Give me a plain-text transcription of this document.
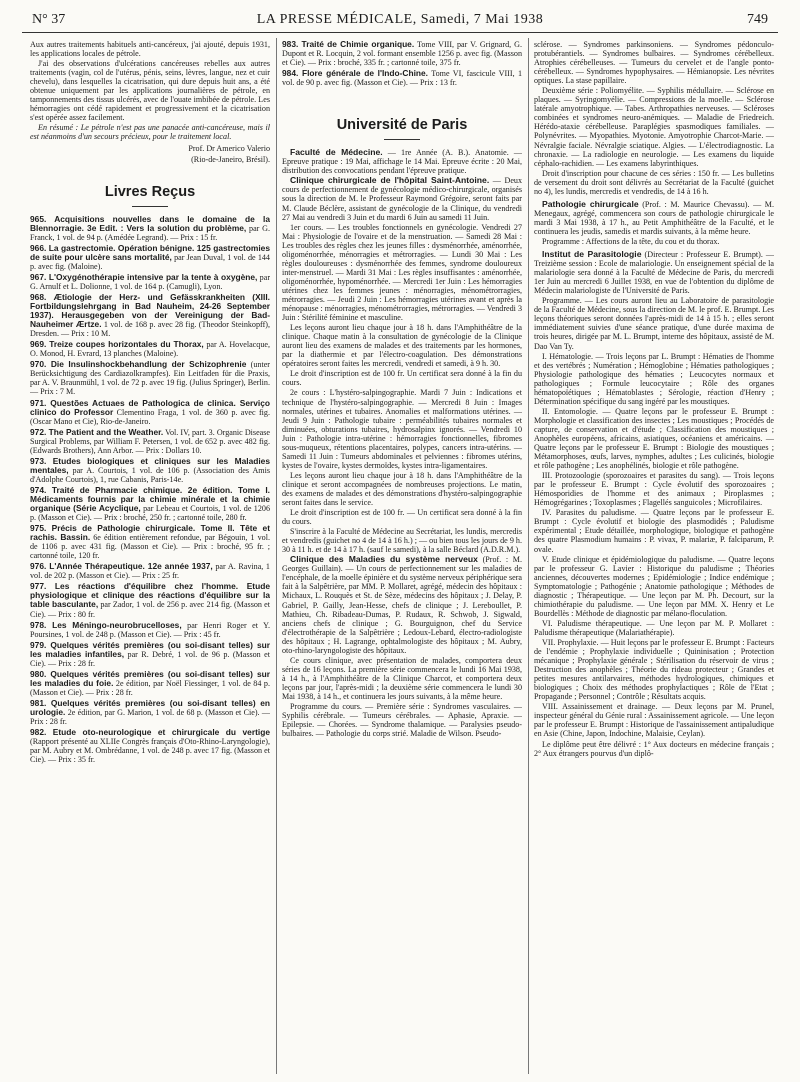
N° 37	LA PRESSE MÉDICALE, Samedi, 7 Mai 1938	749

Aux autres traitements habituels anti-cancéreux, j'ai ajouté, depuis 1931, les applications locales de pétrole.

J'ai des observations d'ulcérations cancéreuses rebelles aux autres traitements (vagin, col de l'utérus, pénis, seins, lèvres, langue, nez et cuir chevelu), dans lesquelles la cicatrisation, qui dure depuis huit ans, a été obtenue uniquement par les applications journalières de pétrole, en tamponnements des tissus ulcérés, avec de l'ouate imbibée de pétrole. Les hémorragies ont cédé rapidement et progressivement et la cicatrisation s'est opérée assez facilement.

En résumé : Le pétrole n'est pas une panacée anti-cancéreuse, mais il est néanmoins d'un secours précieux, pour le traitement local.

Prof. Dr Americo Valerio
(Rio-de-Janeiro, Brésil).
Livres Reçus

965. Acquisitions nouvelles dans le domaine de la Blennorragie. 3e Edit. : Vers la solution du problème, par G. Franck, 1 vol. de 94 p. (Amédée Legrand). — Prix : 15 fr.

966. La gastrectomie. Opération bénigne. 125 gastrectomies de suite pour ulcère sans mortalité, par Jean Duval, 1 vol. de 144 p. avec fig. (Maloine).

967. L'Oxygénothérapie intensive par la tente à oxygène, par G. Arnulf et L. Dolionne, 1 vol. de 164 p. (Camugli), Lyon.

968. Ætiologie der Herz- und Gefässkrankheiten (XIII. Fortbildungslehrgang in Bad Nauheim, 24-26 September 1937). Herausgegeben von der Vereinigung der Bad-Nauheimer Ærtze. 1 vol. de 168 p. avec 28 fig. (Theodor Steinkopff), Dresden. — Prix : 10 M.

969. Treize coupes horizontales du Thorax, par A. Hovelacque, O. Monod, H. Evrard, 13 planches (Maloine).

970. Die Insulinshockbehandlung der Schizophrenie (unter Berücksichtigung des Cardiazolkrampfes). Ein Leitfaden für die Praxis, par A. V. Braunmühl, 1 vol. de 72 p. avec 19 fig. (Julius Springer), Berlin. — Prix : 7 M.

971. Questões Actuaes de Pathologica de clinica. Serviço clinico do Professor Clementino Fraga, 1 vol. de 360 p. avec fig. (Oscar Mano et Cie), Rio-de-Janeiro.

972. The Patient and the Weather. Vol. IV, part. 3. Organic Disease Surgical Problems, par William F. Petersen, 1 vol. de 652 p. avec 482 fig. (Edwards Brothers), Ann Arbor. — Prix : Dollars 10.

973. Etudes biologiques et cliniques sur les Maladies mentales, par A. Courtois, 1 vol. de 106 p. (Association des Amis d'Adolphe Courtois), 1, rue Cabanis, Paris-14e.

974. Traité de Pharmacie chimique. 2e édition. Tome I. Médicaments fournis par la chimie minérale et la chimie organique (Série Acyclique, par Lebeau et Courtois, 1 vol. de 1206 p. (Masson et Cie). — Prix : broché, 250 fr. ; cartonné toile, 280 fr.

975. Précis de Pathologie chirurgicale. Tome II. Tête et rachis. Bassin. 6e édition entièrement refondue, par Bégouin, 1 vol. de 1106 p. avec 431 fig. (Masson et Cie). — Prix : broché, 95 fr. ; cartonné toile, 120 fr.

976. L'Année Thérapeutique. 12e année 1937, par A. Ravina, 1 vol. de 202 p. (Masson et Cie). — Prix : 25 fr.

977. Les réactions d'équilibre chez l'homme. Etude physiologique et clinique des réactions d'équilibre sur la table basculante, par Zador, 1 vol. de 256 p. avec 214 fig. (Masson et Cie). — Prix : 80 fr.

978. Les Méningo-neurobrucelloses, par Henri Roger et Y. Poursines, 1 vol. de 248 p. (Masson et Cie). — Prix : 45 fr.

979. Quelques vérités premières (ou soi-disant telles) sur les maladies infantiles, par R. Debré, 1 vol. de 96 p. (Masson et Cie). — Prix : 28 fr.

980. Quelques vérités premières (ou soi-disant telles) sur les maladies du foie. 2e édition, par Noël Fiessinger, 1 vol. de 84 p. (Masson et Cie). — Prix : 28 fr.

981. Quelques vérités premières (ou soi-disant telles) en urologie. 2e édition, par G. Marion, 1 vol. de 68 p. (Masson et Cie). — Prix : 28 fr.

982. Etude oto-neurologique et chirurgicale du vertige (Rapport présenté au XLIIe Congrès français d'Oto-Rhino-Laryngologie), par M. Aubry et M. Ombrédanne, 1 vol. de 248 p. avec 17 fig. (Masson et Cie). — Prix : 35 fr.

983. Traité de Chimie organique. Tome VIII, par V. Grignard, G. Dupont et R. Locquin, 2 vol. formant ensemble 1256 p. avec fig. (Masson et Cie). — Prix : broché, 335 fr. ; cartonné toile, 375 fr.

984. Flore générale de l'Indo-Chine. Tome VI, fascicule VIII, 1 vol. de 90 p. avec fig. (Masson et Cie). — Prix : 13 fr.

Université de Paris

Faculté de Médecine. — 1re Année (A. B.). Anatomie. — Epreuve pratique : 19 Mai, affichage le 14 Mai. Epreuve écrite : 20 Mai, distribution des convocations pendant l'épreuve pratique.

Clinique chirurgicale de l'hôpital Saint-Antoine. — Deux cours de perfectionnement de gynécologie médico-chirurgicale, organisés sous la direction de M. le Professeur Raymond Grégoire, seront faits par M. Claude Béclère, assistant de gynécologie de la Clinique, du vendredi 27 Mai au vendredi 3 Juin et du mardi 6 Juin au samedi 11 Juin.

1er cours. — Les troubles fonctionnels en gynécologie. Vendredi 27 Mai : Physiologie de l'ovaire et de la menstruation. — Samedi 28 Mai : Les troubles des règles chez les jeunes filles : dysménorrhée, aménorrhée, oligoménorrhée, ménorragies et métrorragies. — Lundi 30 Mai : Les règles douloureuses : dysménorrhée des femmes, syndrome douloureux inter-menstruel. — Mardi 31 Mai : Les règles insuffisantes : aménorrhée, oligoménorrhée, hypoménorrhée. — Mercredi 1er Juin : Les hémorragies utérines chez les femmes jeunes : ménorragies, ménométrorragies, métrorragies. — Jeudi 2 Juin : Les hémorragies utérines avant et après la ménopause : ménorragies, ménométrorragies, métrorragies. — Vendredi 3 Juin : Stérilité féminine et masculine.

Les leçons auront lieu chaque jour à 18 h. dans l'Amphithéâtre de la clinique. Chaque matin à la consultation de gynécologie de la Clinique auront lieu des examens de malades et des traitements par les hormones, par la diathermie et par l'électro-coagulation. Des démonstrations opératoires seront faites les mercredi, vendredi et samedi, à 9 h. 30.

Le droit d'inscription est de 100 fr. Un certificat sera donné à la fin du cours.

2e cours : L'hystéro-salpingographie. Mardi 7 Juin : Indications et technique de l'hystéro-salpingographie. — Mercredi 8 Juin : Images normales, utérines et tubaires. Anomalies et malformations utérines. — Jeudi 9 Juin : Pathologie tubaire : perméabilités tubaires normales et diminuées, obturations tubaires, hydrosalpinx ignorés. — Vendredi 10 Juin : Pathologie intra-utérine : hémorragies fonctionnelles, fibromes sous-muqueux, rétentions placentaires, polypes, cancers intra-utérins. — Samedi 11 Juin : Tumeurs abdominales et pelviennes : fibromes utérins, kystes de l'ovaire, kystes dermoïdes, kystes intra-ligamentaires.

Les leçons auront lieu chaque jour à 18 h. dans l'Amphithéâtre de la clinique et seront accompagnées de nombreuses projections. Le matin, des examens de malades et des démonstrations d'hystéro-salpingographie seront faites dans le service.

Le droit d'inscription est de 100 fr. — Un certificat sera donné à la fin du cours.

S'inscrire à la Faculté de Médecine au Secrétariat, les lundis, mercredis et vendredis (guichet no 4 de 14 à 16 h.) ; — ou bien tous les jours de 9 h. 30 à 11 h. et de 14 à 17 h. (sauf le samedi), à la salle Béclard (A.D.R.M.).

Clinique des Maladies du système nerveux (Prof. : M. Georges Guillain). — Un cours de perfectionnement sur les maladies de l'encéphale, de la moelle épinière et du système nerveux périphérique sera fait à la Salpêtrière, par MM. P. Mollaret, agrégé, médecin des hôpitaux : Michaux, L. Rouquès et St. de Sèze, médecins des hôpitaux ; J. Delay, P. Gabriel, P. Gailly, Jean-Hesse, chefs de clinique ; J. Lereboullet, P. Mathieu, Ch. Ribadeau-Dumas, P. Rudaux, R. Schwob, J. Sigwald, anciens chefs de clinique ; G. Bourguignon, chef du Service d'électrothérapie de la Salpêtrière ; Ledoux-Lebard, électro-radiologiste des hôpitaux ; H. Lagrange, ophtalmologiste des hôpitaux ; M. Aubry, oto-rhino-laryngologiste des hôpitaux.

Ce cours clinique, avec présentation de malades, comportera deux séries de 16 leçons. La première série commencera le lundi 16 Mai 1938, à 14 h., à l'Amphithéâtre de la Clinique Charcot, et comportera deux leçons par jour, l'après-midi ; la deuxième série commencera le lundi 30 Mai 1938, à 14 h., et continuera les jours suivants, à la même heure.

Programme du cours. — Première série : Syndromes vasculaires. — Syphilis cérébrale. — Tumeurs cérébrales. — Aphasie, Apraxie. — Epilepsie. — Chorées. — Syndrome thalamique. — Paralysies pseudo-bulbaires. — Pathologie du corps strié. Maladie de Wilson. Pseudo-

sclérose. — Syndromes parkinsoniens. — Syndromes pédonculo-protubérantiels. — Syndromes bulbaires. — Syndromes cérébelleux. Atrophies cérébelleuses. — Tumeurs du cervelet et de l'angle ponto-cérébelleux. — Syndromes hypophysaires. — Hémianopsie. Les névrites optiques. La stase papillaire.

Deuxième série : Poliomyélite. — Syphilis médullaire. — Sclérose en plaques. — Syringomyélie. — Compressions de la moelle. — Sclérose latérale amyotrophique. — Tabes. Arthropathies nerveuses. — Scléroses combinées et syndromes neuro-anémiques. — Maladie de Friedreich. Hérédo-ataxie cérébelleuse. Paraplégies spasmodiques familiales. — Polynévrites. — Myopathies. Myotonie. Amyotrophie Charcot-Marie. — Névralgie faciale. Névralgie sciatique. Algies. — L'électrodiagnostic. La chronaxie. — La radiologie en neurologie. — Les examens du liquide céphalo-rachidien. — Les examens labyrinthiques.

Droit d'inscription pour chacune de ces séries : 150 fr. — Les bulletins de versement du droit sont délivrés au Secrétariat de la Faculté (guichet no 4), les lundis, mercredis et vendredis, de 14 à 16 h.

Pathologie chirurgicale (Prof. : M. Maurice Chevassu). — M. Menegaux, agrégé, commencera son cours de pathologie chirurgicale le mardi 3 Mai 1938, à 17 h., au Petit Amphithéâtre de la Faculté, et le continuera les jeudis, samedis et mardis suivants, à la même heure.

Programme : Affections de la tête, du cou et du thorax.

Institut de Parasitologie (Directeur : Professeur E. Brumpt). — Treizième session : Ecole de malariologie. Un enseignement spécial de la malariologie sera donné à la Faculté de Médecine de Paris, du mercredi 1er Juin au mercredi 6 Juillet 1938, en vue de l'obtention du diplôme de Médecin malariologiste de l'Université de Paris.

Programme. — Les cours auront lieu au Laboratoire de parasitologie de la Faculté de Médecine, sous la direction de M. le prof. E. Brumpt. Les leçons théoriques seront données l'après-midi de 14 à 15 h. ; elles seront immédiatement suivies d'une séance pratique, d'une durée maxima de trois heures, dirigée par M. L. Brumpt, interne des hôpitaux, assisté de M. Dao Van Ty.

I. Hématologie. — Trois leçons par L. Brumpt : Hématies de l'homme et des vertébrés ; Numération ; Hémoglobine ; Hématies pathologiques ; Physiologie pathologique des hématies ; Leucocytes normaux et pathologiques ; Formule leucocytaire ; Rôle des organes hématopoïétiques ; Hématoblastes ; Sérologie, réaction d'Henry ; Détermination spécifique du sang ingéré par les moustiques.

II. Entomologie. — Quatre leçons par le professeur E. Brumpt : Morphologie et classification des insectes ; Les moustiques ; Procédés de capture, de conservation et d'étude ; Classification des moustiques ; Anophèles européens, africains, asiatiques, océaniens et américains. — Quatre leçons par le professeur E. Brumpt : Biologie des moustiques ; Métamorphoses, œufs, larves, nymphes, adultes ; Les culicinés, biologie et rôle pathogène ; Les anophélinés, biologie et rôle pathogène.

III. Protozoologie (sporozoaires et parasites du sang). — Trois leçons par le professeur E. Brumpt : Cycle évolutif des sporozoaires ; Hémosporidies de l'homme et des animaux ; Piroplasmes ; Hémogrégarines ; Toxoplasmes ; Flagellés sanguicoles ; Microfilaires.

IV. Parasites du paludisme. — Quatre leçons par le professeur E. Brumpt : Cycle évolutif et biologie des plasmodidés ; Paludisme expérimental ; Etude détaillée, morphologique, biologique et pathogène des quatre Plasmodium humains : P. vivax, P. malariæ, P. falciparum, P. ovale.

V. Etude clinique et épidémiologique du paludisme. — Quatre leçons par le professeur G. Lavier : Historique du paludisme ; Théories anciennes, découvertes modernes ; Epidémiologie ; Indice endémique ; Symptomatologie ; Pathogénie ; Anatomie pathologique ; Méthodes de diagnostic ; Thérapeutique. — Une leçon par M. Ph. Decourt, sur la chimiothérapie du paludisme. — Une leçon par MM. X. Henry et Le Bourdellès : Méthode de diagnostic par mélano-floculation.

VI. Paludisme thérapeutique. — Une leçon par M. P. Mollaret : Paludisme thérapeutique (Malariathérapie).

VII. Prophylaxie. — Huit leçons par le professeur E. Brumpt : Facteurs de l'endémie ; Prophylaxie individuelle ; Quininisation ; Protection mécanique ; Prophylaxie générale ; Stérilisation du réservoir de virus ; Destruction des anophèles ; Théorie du rideau protecteur ; Grandes et petites mesures antilarvaires, méthodes hydrologiques, chimiques et biologiques ; Choix des méthodes prophylactiques ; Rôle de l'Etat ; Propagande ; Personnel ; Contrôle ; Résultats acquis.

VIII. Assainissement et drainage. — Deux leçons par M. Prunel, inspecteur général du Génie rural : Assainissement agricole. — Une leçon par le professeur E. Brumpt : Historique de l'assainissement antipaludique en Asie (Chine, Japon, Indochine, Malaisie, Ceylan).

Le diplôme peut être délivré : 1° Aux docteurs en médecine français ; 2° Aux étrangers pourvus d'un diplô-
